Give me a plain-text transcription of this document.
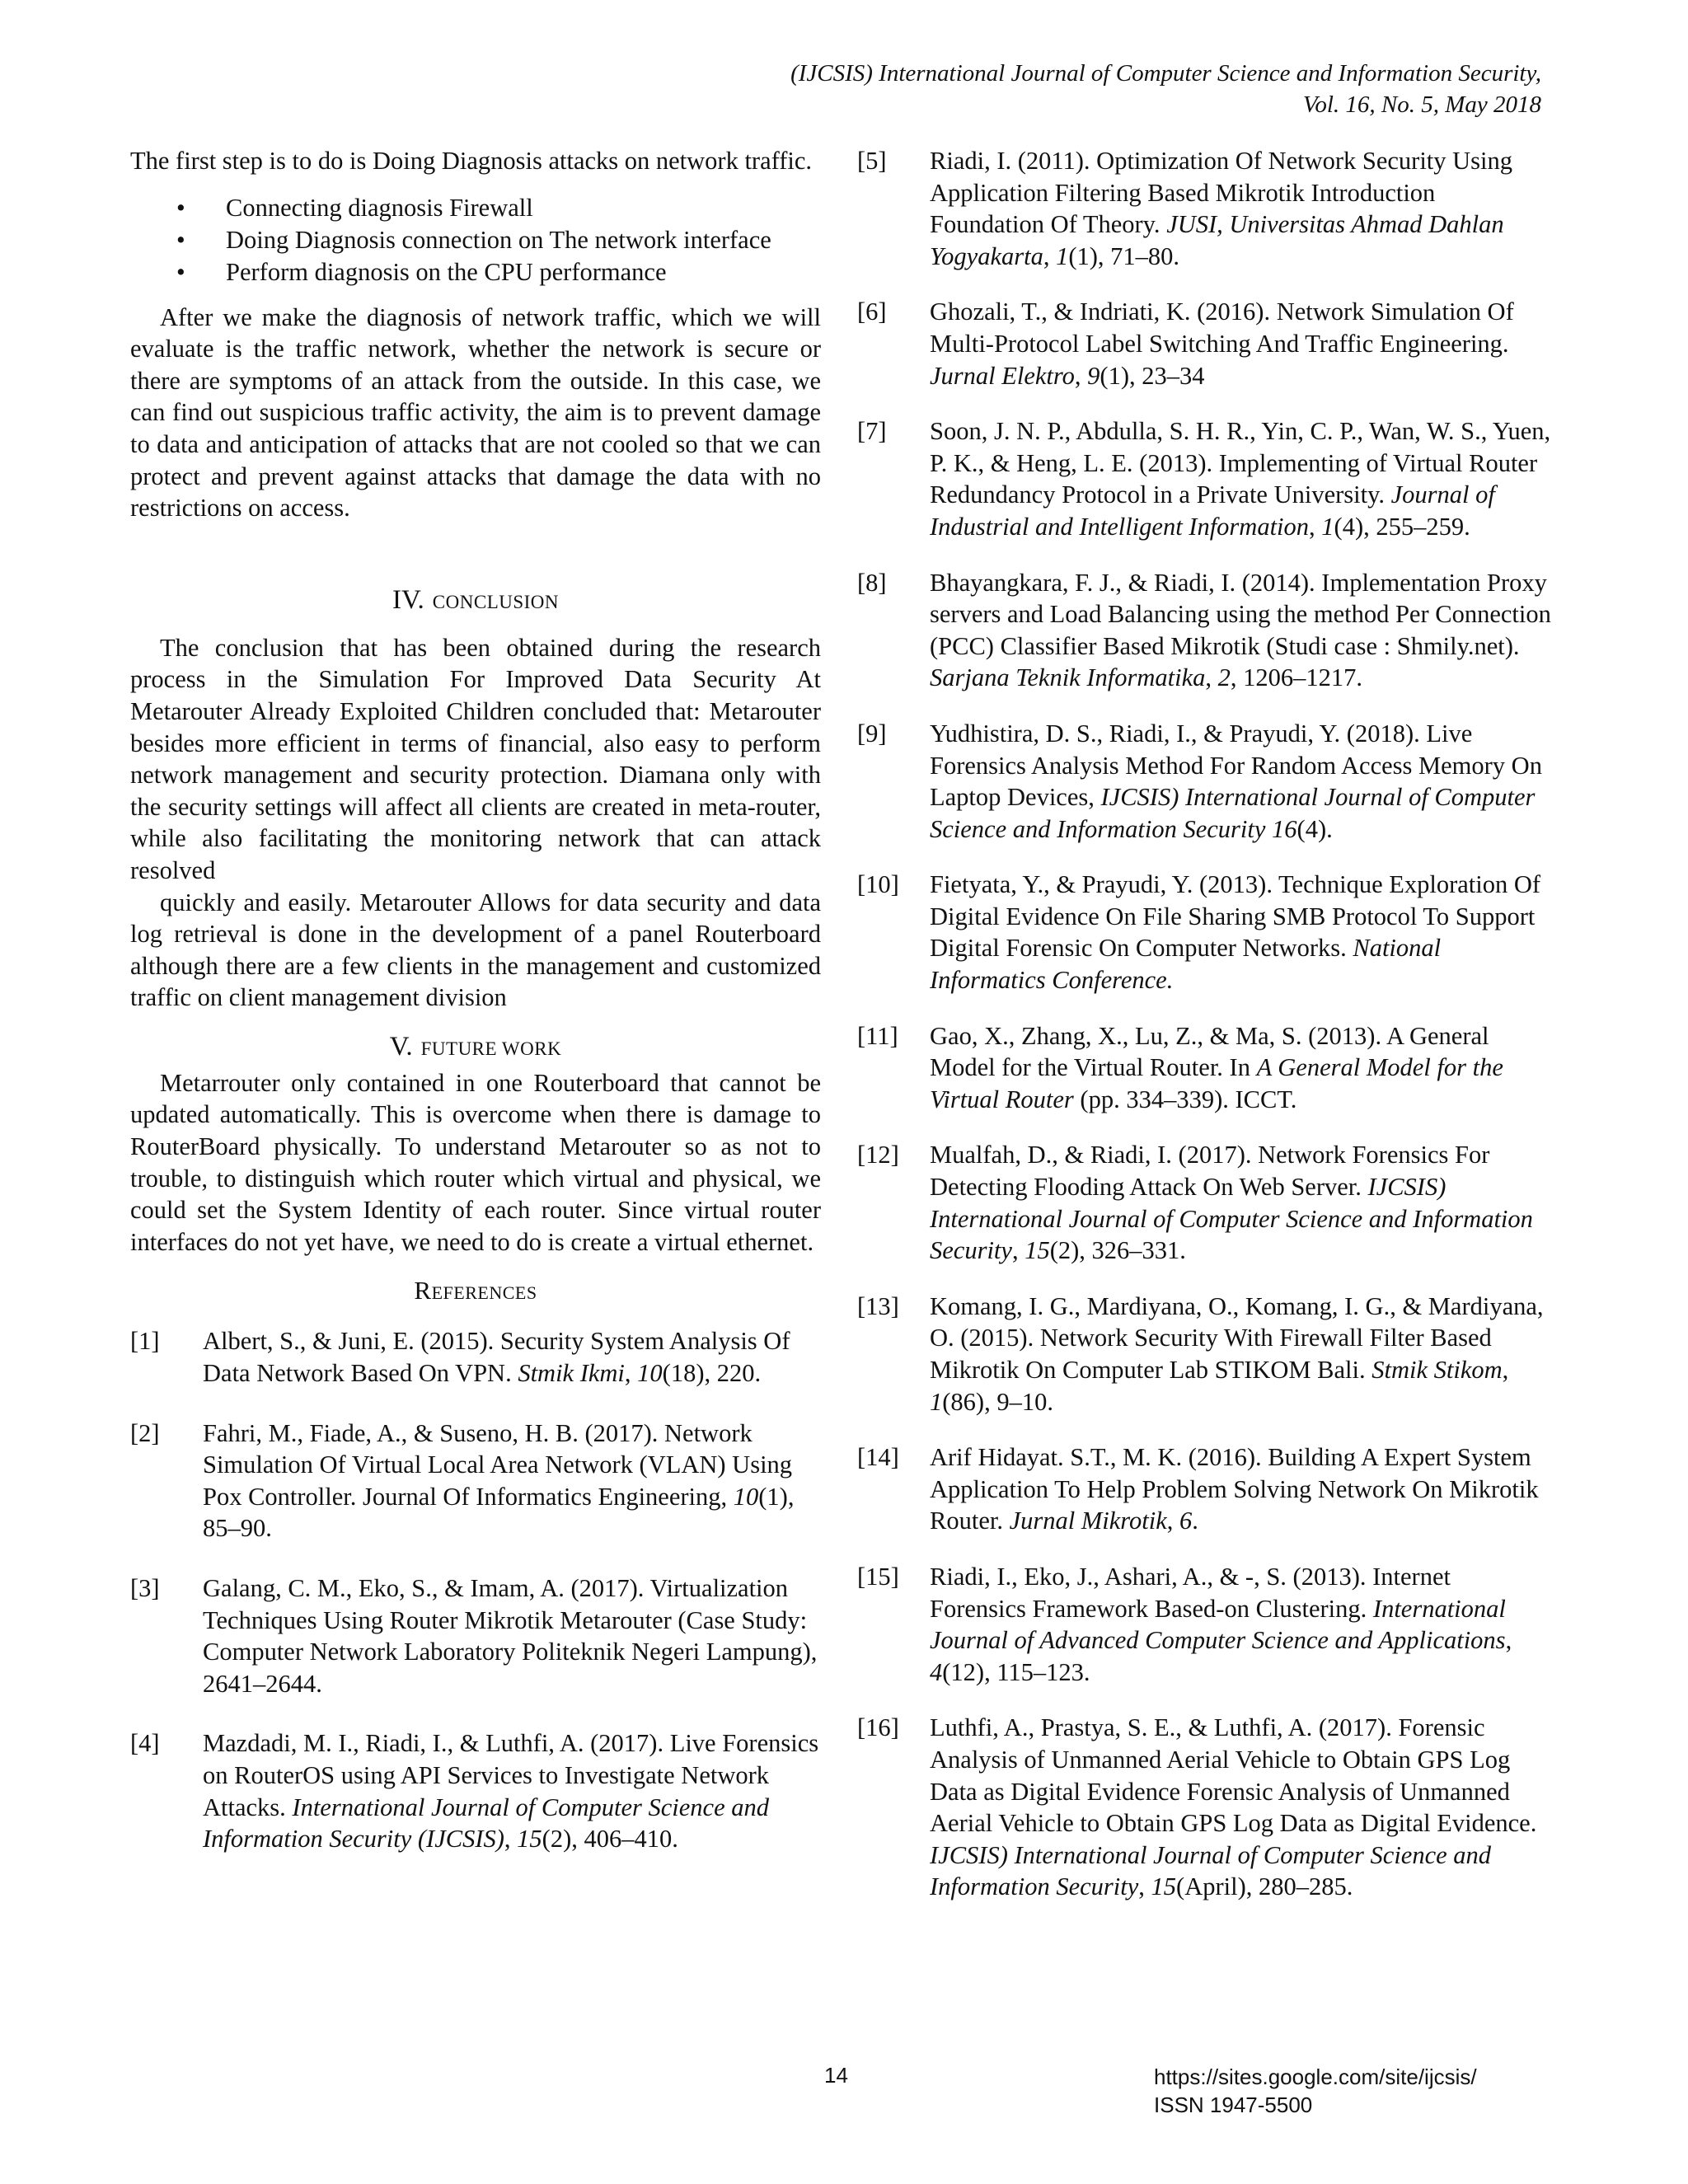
(IJCSIS) International Journal of Computer Science and Information Security,
Vol. 16, No. 5, May 2018

The first step is to do is Doing Diagnosis attacks on network traffic.

• Connecting diagnosis Firewall
• Doing Diagnosis connection on The network interface
• Perform diagnosis on the CPU performance

After we make the diagnosis of network traffic, which we will evaluate is the traffic network, whether the network is secure or there are symptoms of an attack from the outside. In this case, we can find out suspicious traffic activity, the aim is to prevent damage to data and anticipation of attacks that are not cooled so that we can protect and prevent against attacks that damage the data with no restrictions on access.

IV. CONCLUSION

The conclusion that has been obtained during the research process in the Simulation For Improved Data Security At Metarouter Already Exploited Children concluded that: Metarouter besides more efficient in terms of financial, also easy to perform network management and security protection. Diamana only with the security settings will affect all clients are created in meta-router, while also facilitating the monitoring network that can attack resolved

quickly and easily. Metarouter Allows for data security and data log retrieval is done in the development of a panel Routerboard although there are a few clients in the management and customized traffic on client management division

V. FUTURE WORK

Metarrouter only contained in one Routerboard that cannot be updated automatically. This is overcome when there is damage to RouterBoard physically. To understand Metarouter so as not to trouble, to distinguish which router which virtual and physical, we could set the System Identity of each router. Since virtual router interfaces do not yet have, we need to do is create a virtual ethernet.

References

[1] Albert, S., & Juni, E. (2015). Security System Analysis Of Data Network Based On VPN. Stmik Ikmi, 10(18), 220.

[2] Fahri, M., Fiade, A., & Suseno, H. B. (2017). Network Simulation Of Virtual Local Area Network (VLAN) Using Pox Controller. Journal Of Informatics Engineering, 10(1), 85–90.

[3] Galang, C. M., Eko, S., & Imam, A. (2017). Virtualization Techniques Using Router Mikrotik Metarouter (Case Study: Computer Network Laboratory Politeknik Negeri Lampung), 2641–2644.

[4] Mazdadi, M. I., Riadi, I., & Luthfi, A. (2017). Live Forensics on RouterOS using API Services to Investigate Network Attacks. International Journal of Computer Science and Information Security (IJCSIS), 15(2), 406–410.

[5] Riadi, I. (2011). Optimization Of Network Security Using Application Filtering Based Mikrotik Introduction Foundation Of Theory. JUSI, Universitas Ahmad Dahlan Yogyakarta, 1(1), 71–80.

[6] Ghozali, T., & Indriati, K. (2016). Network Simulation Of Multi-Protocol Label Switching And Traffic Engineering. Jurnal Elektro, 9(1), 23–34

[7] Soon, J. N. P., Abdulla, S. H. R., Yin, C. P., Wan, W. S., Yuen, P. K., & Heng, L. E. (2013). Implementing of Virtual Router Redundancy Protocol in a Private University. Journal of Industrial and Intelligent Information, 1(4), 255–259.

[8] Bhayangkara, F. J., & Riadi, I. (2014). Implementation Proxy servers and Load Balancing using the method Per Connection (PCC) Classifier Based Mikrotik (Studi case : Shmily.net). Sarjana Teknik Informatika, 2, 1206–1217.

[9] Yudhistira, D. S., Riadi, I., & Prayudi, Y. (2018). Live Forensics Analysis Method For Random Access Memory On Laptop Devices, IJCSIS) International Journal of Computer Science and Information Security 16(4).

[10] Fietyata, Y., & Prayudi, Y. (2013). Technique Exploration Of Digital Evidence On File Sharing SMB Protocol To Support Digital Forensic On Computer Networks. National Informatics Conference.

[11] Gao, X., Zhang, X., Lu, Z., & Ma, S. (2013). A General Model for the Virtual Router. In A General Model for the Virtual Router (pp. 334–339). ICCT.

[12] Mualfah, D., & Riadi, I. (2017). Network Forensics For Detecting Flooding Attack On Web Server. IJCSIS) International Journal of Computer Science and Information Security, 15(2), 326–331.

[13] Komang, I. G., Mardiyana, O., Komang, I. G., & Mardiyana, O. (2015). Network Security With Firewall Filter Based Mikrotik On Computer Lab STIKOM Bali. Stmik Stikom, 1(86), 9–10.

[14] Arif Hidayat. S.T., M. K. (2016). Building A Expert System Application To Help Problem Solving Network On Mikrotik Router. Jurnal Mikrotik, 6.

[15] Riadi, I., Eko, J., Ashari, A., & -, S. (2013). Internet Forensics Framework Based-on Clustering. International Journal of Advanced Computer Science and Applications, 4(12), 115–123.

[16] Luthfi, A., Prastya, S. E., & Luthfi, A. (2017). Forensic Analysis of Unmanned Aerial Vehicle to Obtain GPS Log Data as Digital Evidence Forensic Analysis of Unmanned Aerial Vehicle to Obtain GPS Log Data as Digital Evidence. IJCSIS) International Journal of Computer Science and Information Security, 15(April), 280–285.

14	https://sites.google.com/site/ijcsis/
ISSN 1947-5500
